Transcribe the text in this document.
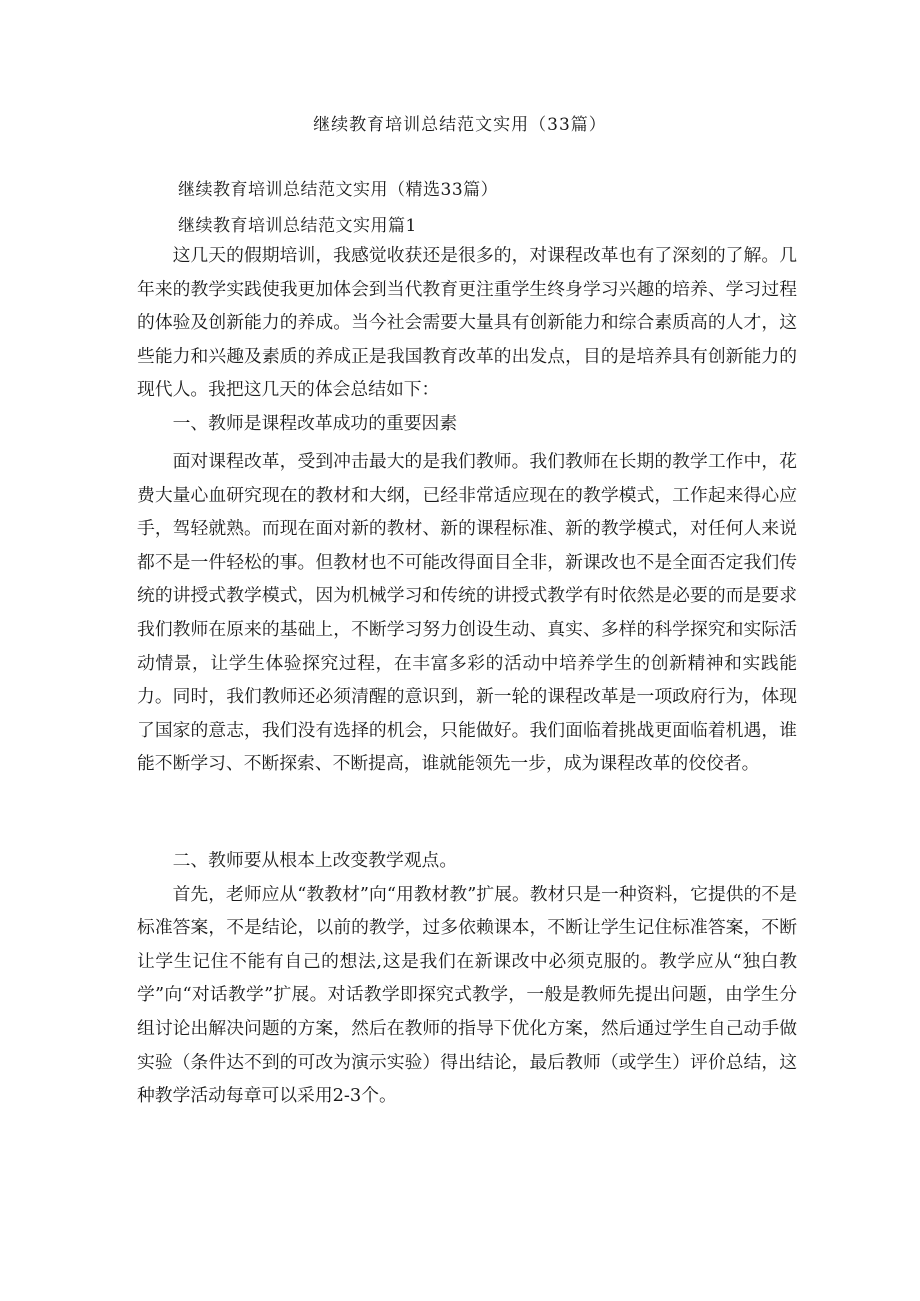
继续教育培训总结范文实用（33篇）
继续教育培训总结范文实用（精选33篇）
继续教育培训总结范文实用篇1

这几天的假期培训，我感觉收获还是很多的，对课程改革也有了深刻的了解。几年来的教学实践使我更加体会到当代教育更注重学生终身学习兴趣的培养、学习过程的体验及创新能力的养成。当今社会需要大量具有创新能力和综合素质高的人才，这些能力和兴趣及素质的养成正是我国教育改革的出发点，目的是培养具有创新能力的现代人。我把这几天的体会总结如下：

一、教师是课程改革成功的重要因素

面对课程改革，受到冲击最大的是我们教师。我们教师在长期的教学工作中，花费大量心血研究现在的教材和大纲，已经非常适应现在的教学模式，工作起来得心应手，驾轻就熟。而现在面对新的教材、新的课程标准、新的教学模式，对任何人来说都不是一件轻松的事。但教材也不可能改得面目全非，新课改也不是全面否定我们传统的讲授式教学模式，因为机械学习和传统的讲授式教学有时依然是必要的而是要求我们教师在原来的基础上，不断学习努力创设生动、真实、多样的科学探究和实际活动情景，让学生体验探究过程，在丰富多彩的活动中培养学生的创新精神和实践能力。同时，我们教师还必须清醒的意识到，新一轮的课程改革是一项政府行为，体现了国家的意志，我们没有选择的机会，只能做好。我们面临着挑战更面临着机遇，谁能不断学习、不断探索、不断提高，谁就能领先一步，成为课程改革的佼佼者。

二、教师要从根本上改变教学观点。

首先，老师应从“教教材”向“用教材教”扩展。教材只是一种资料，它提供的不是标准答案，不是结论，以前的教学，过多依赖课本，不断让学生记住标准答案，不断让学生记住不能有自己的想法,这是我们在新课改中必须克服的。教学应从“独白教学”向“对话教学”扩展。对话教学即探究式教学，一般是教师先提出问题，由学生分组讨论出解决问题的方案，然后在教师的指导下优化方案，然后通过学生自己动手做实验（条件达不到的可改为演示实验）得出结论，最后教师（或学生）评价总结，这种教学活动每章可以采用2-3个。
